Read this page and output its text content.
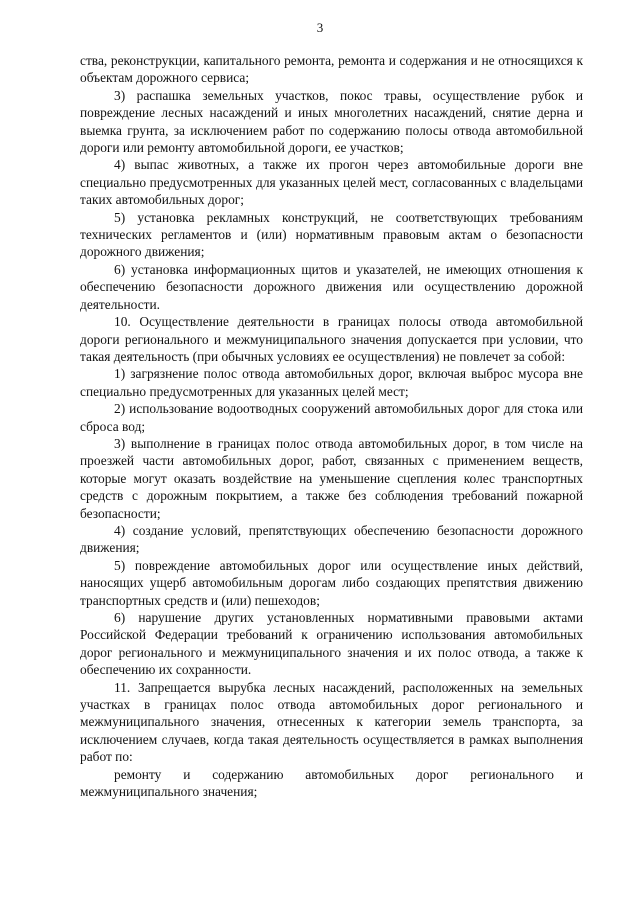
3

ства, реконструкции, капитального ремонта, ремонта и содержания и не относящихся к объектам дорожного сервиса;

3) распашка земельных участков, покос травы, осуществление рубок и повреждение лесных насаждений и иных многолетних насаждений, снятие дерна и выемка грунта, за исключением работ по содержанию полосы отвода автомобильной дороги или ремонту автомобильной дороги, ее участков;

4) выпас животных, а также их прогон через автомобильные дороги вне специально предусмотренных для указанных целей мест, согласованных с владельцами таких автомобильных дорог;

5) установка рекламных конструкций, не соответствующих требованиям технических регламентов и (или) нормативным правовым актам о безопасности дорожного движения;

6) установка информационных щитов и указателей, не имеющих отношения к обеспечению безопасности дорожного движения или осуществлению дорожной деятельности.

10. Осуществление деятельности в границах полосы отвода автомобильной дороги регионального и межмуниципального значения допускается при условии, что такая деятельность (при обычных условиях ее осуществления) не повлечет за собой:

1) загрязнение полос отвода автомобильных дорог, включая выброс мусора вне специально предусмотренных для указанных целей мест;

2) использование водоотводных сооружений автомобильных дорог для стока или сброса вод;

3) выполнение в границах полос отвода автомобильных дорог, в том числе на проезжей части автомобильных дорог, работ, связанных с применением веществ, которые могут оказать воздействие на уменьшение сцепления колес транспортных средств с дорожным покрытием, а также без соблюдения требований пожарной безопасности;

4) создание условий, препятствующих обеспечению безопасности дорожного движения;

5) повреждение автомобильных дорог или осуществление иных действий, наносящих ущерб автомобильным дорогам либо создающих препятствия движению транспортных средств и (или) пешеходов;

6) нарушение других установленных нормативными правовыми актами Российской Федерации требований к ограничению использования автомобильных дорог регионального и межмуниципального значения и их полос отвода, а также к обеспечению их сохранности.

11. Запрещается вырубка лесных насаждений, расположенных на земельных участках в границах полос отвода автомобильных дорог регионального и межмуниципального значения, отнесенных к категории земель транспорта, за исключением случаев, когда такая деятельность осуществляется в рамках выполнения работ по:

ремонту и содержанию автомобильных дорог регионального и межмуниципального значения;
